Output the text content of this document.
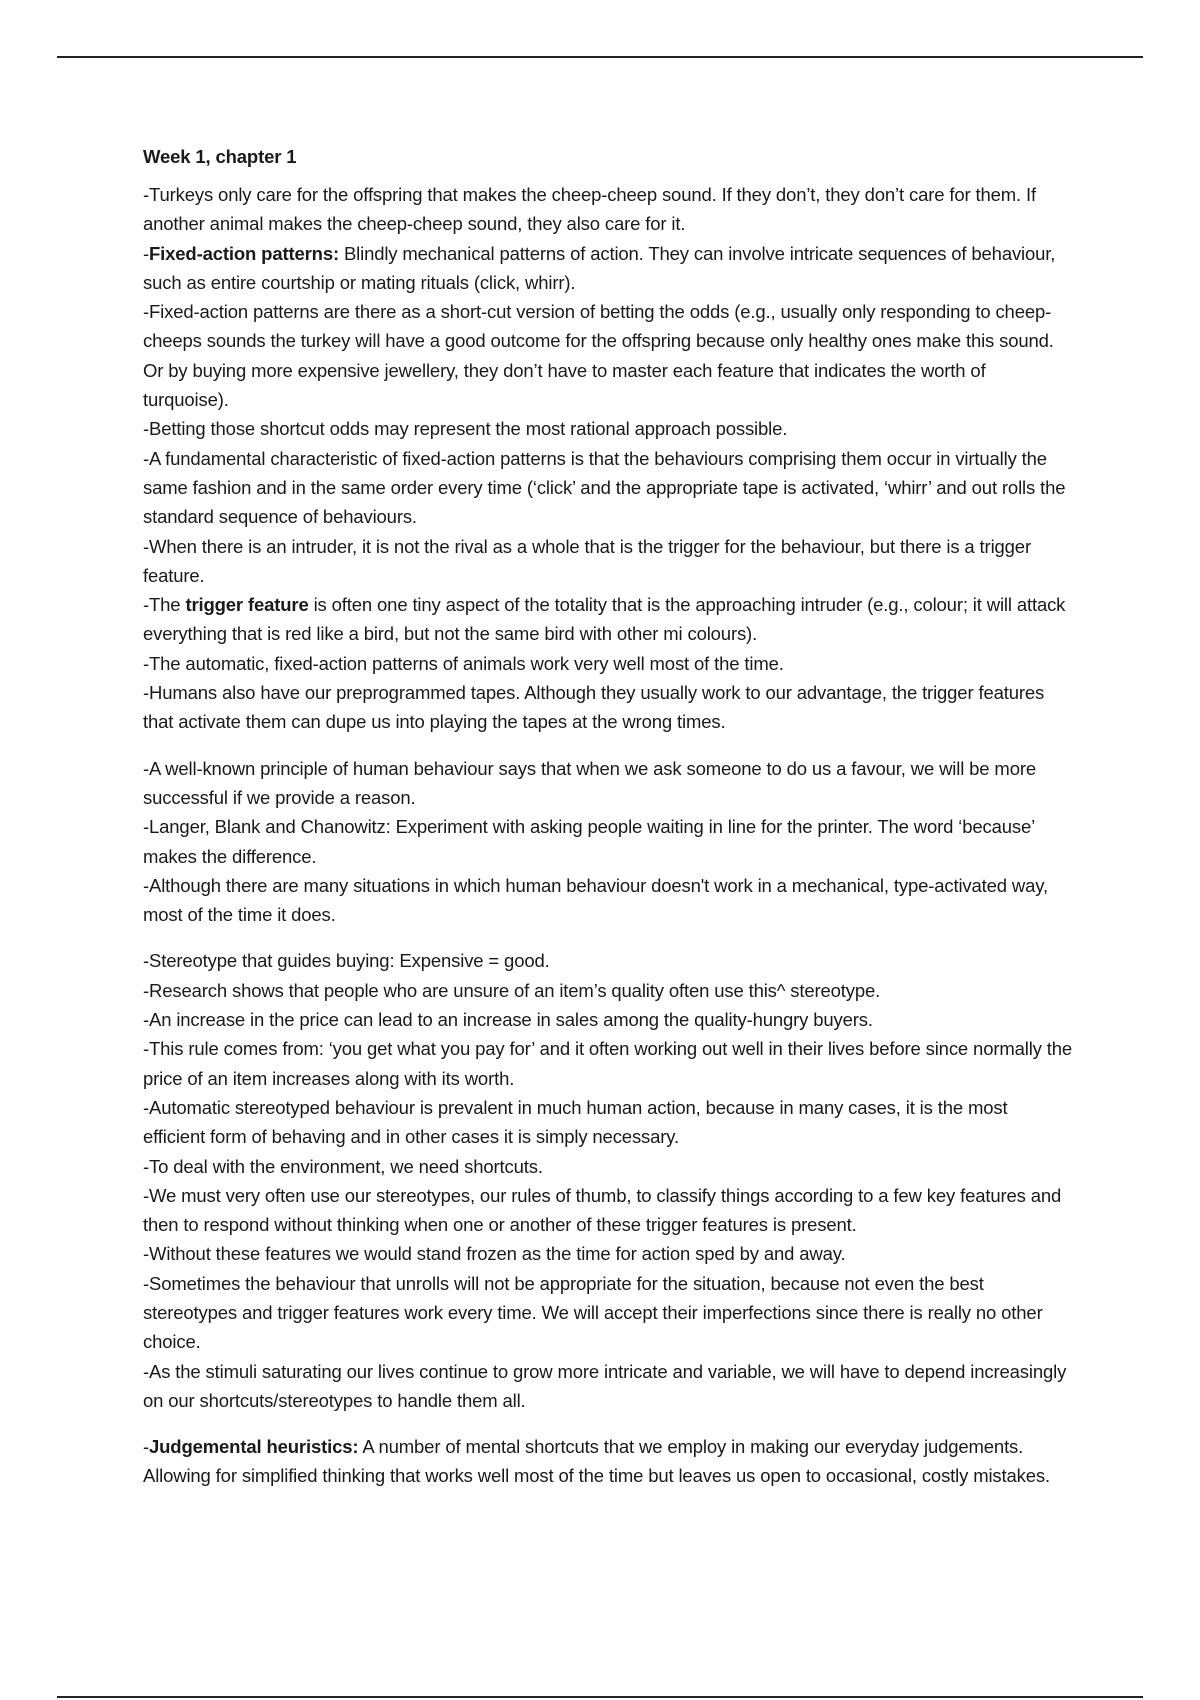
Week 1, chapter 1

-Turkeys only care for the offspring that makes the cheep-cheep sound. If they don’t, they don’t care for them. If another animal makes the cheep-cheep sound, they also care for it.

-Fixed-action patterns: Blindly mechanical patterns of action. They can involve intricate sequences of behaviour, such as entire courtship or mating rituals (click, whirr).

-Fixed-action patterns are there as a short-cut version of betting the odds (e.g., usually only responding to cheep-cheeps sounds the turkey will have a good outcome for the offspring because only healthy ones make this sound. Or by buying more expensive jewellery, they don’t have to master each feature that indicates the worth of turquoise).

-Betting those shortcut odds may represent the most rational approach possible.

-A fundamental characteristic of fixed-action patterns is that the behaviours comprising them occur in virtually the same fashion and in the same order every time (‘click’ and the appropriate tape is activated, ‘whirr’ and out rolls the standard sequence of behaviours.

-When there is an intruder, it is not the rival as a whole that is the trigger for the behaviour, but there is a trigger feature.

-The trigger feature is often one tiny aspect of the totality that is the approaching intruder (e.g., colour; it will attack everything that is red like a bird, but not the same bird with other mi colours).

-The automatic, fixed-action patterns of animals work very well most of the time.

-Humans also have our preprogrammed tapes. Although they usually work to our advantage, the trigger features that activate them can dupe us into playing the tapes at the wrong times.

-A well-known principle of human behaviour says that when we ask someone to do us a favour, we will be more successful if we provide a reason.

-Langer, Blank and Chanowitz: Experiment with asking people waiting in line for the printer. The word ‘because’ makes the difference.

-Although there are many situations in which human behaviour doesn't work in a mechanical, type-activated way, most of the time it does.

-Stereotype that guides buying: Expensive = good.

-Research shows that people who are unsure of an item’s quality often use this^ stereotype.

-An increase in the price can lead to an increase in sales among the quality-hungry buyers.

-This rule comes from: ‘you get what you pay for’ and it often working out well in their lives before since normally the price of an item increases along with its worth.

-Automatic stereotyped behaviour is prevalent in much human action, because in many cases, it is the most efficient form of behaving and in other cases it is simply necessary.

-To deal with the environment, we need shortcuts.

-We must very often use our stereotypes, our rules of thumb, to classify things according to a few key features and then to respond without thinking when one or another of these trigger features is present.

-Without these features we would stand frozen as the time for action sped by and away.

-Sometimes the behaviour that unrolls will not be appropriate for the situation, because not even the best stereotypes and trigger features work every time. We will accept their imperfections since there is really no other choice.

-As the stimuli saturating our lives continue to grow more intricate and variable, we will have to depend increasingly on our shortcuts/stereotypes to handle them all.

-Judgemental heuristics: A number of mental shortcuts that we employ in making our everyday judgements. Allowing for simplified thinking that works well most of the time but leaves us open to occasional, costly mistakes.
